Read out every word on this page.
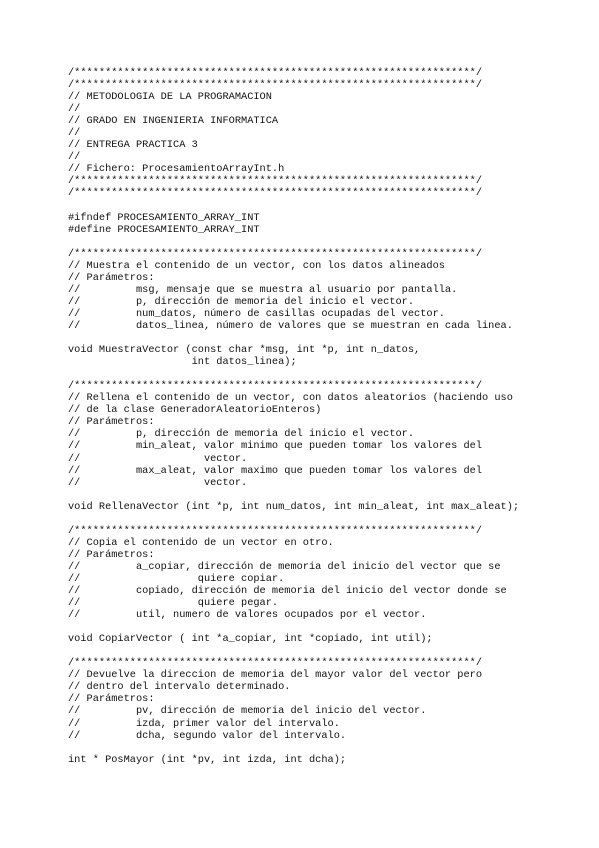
/*****************************************************************/
/*****************************************************************/
// METODOLOGIA DE LA PROGRAMACION
//
// GRADO EN INGENIERIA INFORMATICA
//
// ENTREGA PRACTICA 3
//
// Fichero: ProcesamientoArrayInt.h
/*****************************************************************/
/*****************************************************************/
#ifndef PROCESAMIENTO_ARRAY_INT
#define PROCESAMIENTO_ARRAY_INT
/*****************************************************************/
// Muestra el contenido de un vector, con los datos alineados
// Parámetros:
//         msg, mensaje que se muestra al usuario por pantalla.
//         p, dirección de memoria del inicio el vector.
//         num_datos, número de casillas ocupadas del vector.
//         datos_linea, número de valores que se muestran en cada linea.
void MuestraVector (const char *msg, int *p, int n_datos,
int datos_linea);
/*****************************************************************/
// Rellena el contenido de un vector, con datos aleatorios (haciendo uso
// de la clase GeneradorAleatorioEnteros)
// Parámetros:
//         p, dirección de memoria del inicio el vector.
//         min_aleat, valor minimo que pueden tomar los valores del
//                    vector.
//         max_aleat, valor maximo que pueden tomar los valores del
//                    vector.
void RellenaVector (int *p, int num_datos, int min_aleat, int max_aleat);
/*****************************************************************/
// Copia el contenido de un vector en otro.
// Parámetros:
//         a_copiar, dirección de memoria del inicio del vector que se
//                   quiere copiar.
//         copiado, dirección de memoria del inicio del vector donde se
//                   quiere pegar.
//         util, numero de valores ocupados por el vector.
void CopiarVector ( int *a_copiar, int *copiado, int util);
/*****************************************************************/
// Devuelve la direccion de memoria del mayor valor del vector pero
// dentro del intervalo determinado.
// Parámetros:
//         pv, dirección de memoria del inicio del vector.
//         izda, primer valor del intervalo.
//         dcha, segundo valor del intervalo.
int * PosMayor (int *pv, int izda, int dcha);
